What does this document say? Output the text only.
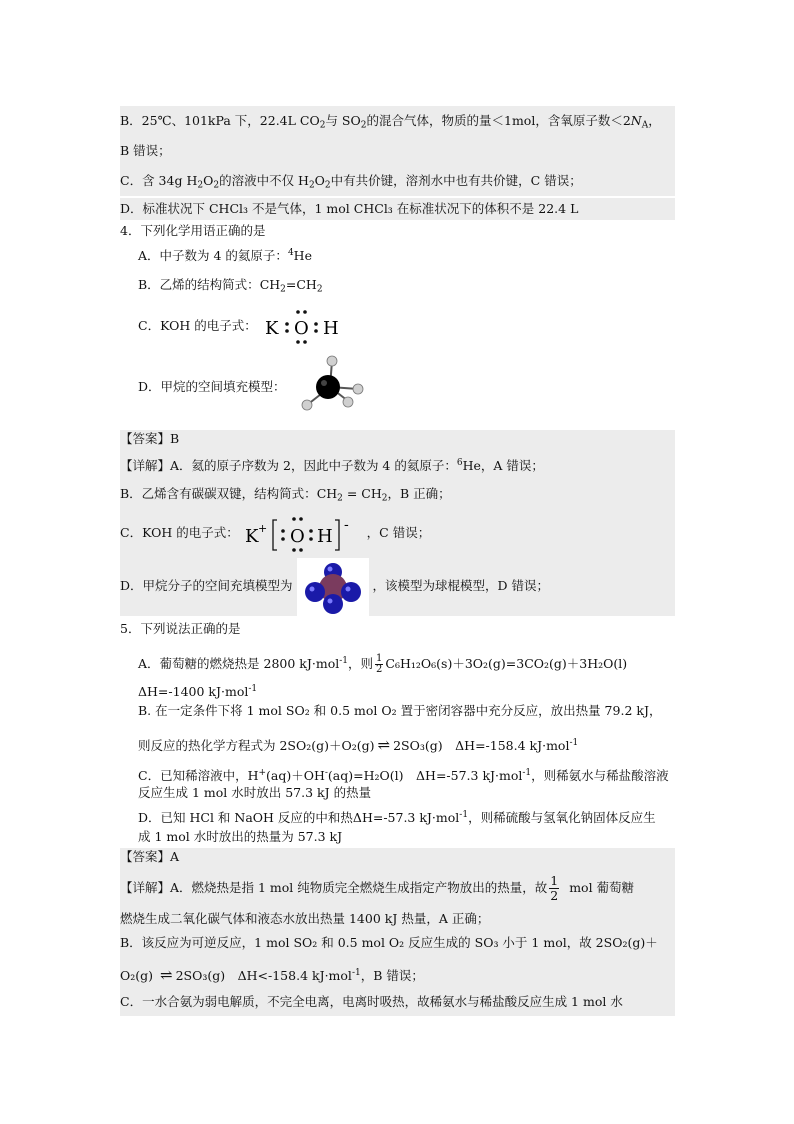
B．25℃、101kPa 下，22.4L $CO_2$与 $SO_2$的混合气体，物质的量＜1mol，含氧原子数$<2N_A$，
B 错误；
C．含 34g $H_2O_2$的溶液中不仅 $H_2O_2$中有共价键，溶剂水中也有共价键，C 错误；
D．标准状况下 CHCl₃ 不是气体，1 mol CHCl₃ 在标准状况下的体积不是 22.4 L
4．下列化学用语正确的是
A．中子数为 4 的氦原子：$^4$He
B．乙烯的结构简式：$CH_2=CH_2$
C．KOH 的电子式： K O H
D．甲烷的空间填充模型：
【答案】B
【详解】A．氦的原子序数为 2，因此中子数为 4 的氦原子：$^6$He，A 错误；
B．乙烯含有碳碳双键，结构简式：$CH_2 = CH_2$，B 正确；
C．KOH 的电子式： K + O H
- ，C 错误；
D．甲烷分子的空间充填模型为	，该模型为球棍模型，D 错误；
5．下列说法正确的是
A．葡萄糖的燃烧热是 2800 kJ·mol$^{-1}$，则 $\frac{1}{2} C_6H_{12}O_6(s)+3O_2(g)=3CO_2(g)+3H_2O(l)$
ΔH=-1400 kJ·mol$^{-1}$
B. 在一定条件下将 1 mol SO₂ 和 0.5 mol O₂ 置于密闭容器中充分反应，放出热量 79.2 kJ，
则反应的热化学方程式为 2SO₂(g)＋O₂(g) ⇌ 2SO₃(g)　ΔH=-158.4 kJ·mol$^{-1}$
C．已知稀溶液中，H+(aq)＋OH-(aq)=H₂O(l)　ΔH=-57.3 kJ·mol$^{-1}$，则稀氨水与稀盐酸溶液
反应生成 1 mol 水时放出 57.3 kJ 的热量
D．已知 HCl 和 NaOH 反应的中和热ΔH=-57.3 kJ·mol$^{-1}$，则稀硫酸与氢氧化钠固体反应生
成 1 mol 水时放出的热量为 57.3 kJ
【答案】A
【详解】A．燃烧热是指 1 mol 纯物质完全燃烧生成指定产物放出的热量，故 $\frac{1}{2}$ mol 葡萄糖
燃烧生成二氧化碳气体和液态水放出热量 1400 kJ 热量，A 正确；
B．该反应为可逆反应，1 mol SO₂ 和 0.5 mol O₂ 反应生成的 SO₃ 小于 1 mol，故 2SO₂(g)＋
O₂(g) ⇌ 2SO₃(g)　ΔH<-158.4 kJ·mol$^{-1}$，B 错误；
C．一水合氨为弱电解质，不完全电离，电离时吸热，故稀氨水与稀盐酸反应生成 1 mol 水
